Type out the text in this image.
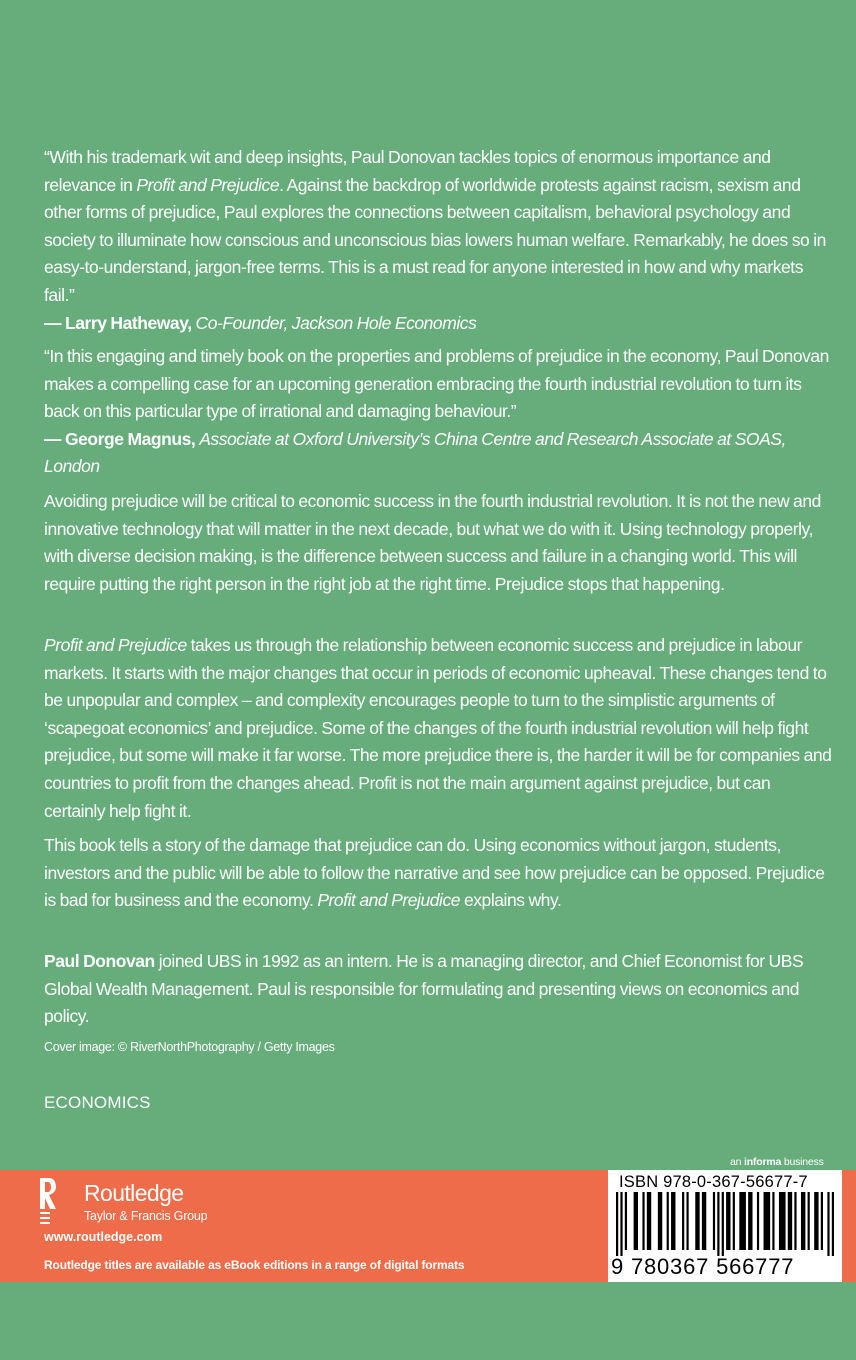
“With his trademark wit and deep insights, Paul Donovan tackles topics of enormous importance and relevance in Profit and Prejudice. Against the backdrop of worldwide protests against racism, sexism and other forms of prejudice, Paul explores the connections between capitalism, behavioral psychology and society to illuminate how conscious and unconscious bias lowers human welfare. Remarkably, he does so in easy-to-understand, jargon-free terms. This is a must read for anyone interested in how and why markets fail.”
— Larry Hatheway, Co-Founder, Jackson Hole Economics
“In this engaging and timely book on the properties and problems of prejudice in the economy, Paul Donovan makes a compelling case for an upcoming generation embracing the fourth industrial revolution to turn its back on this particular type of irrational and damaging behaviour.”
— George Magnus, Associate at Oxford University’s China Centre and Research Associate at SOAS, London
Avoiding prejudice will be critical to economic success in the fourth industrial revolution. It is not the new and innovative technology that will matter in the next decade, but what we do with it. Using technology properly, with diverse decision making, is the difference between success and failure in a changing world. This will require putting the right person in the right job at the right time. Prejudice stops that happening.
Profit and Prejudice takes us through the relationship between economic success and prejudice in labour markets. It starts with the major changes that occur in periods of economic upheaval. These changes tend to be unpopular and complex – and complexity encourages people to turn to the simplistic arguments of ‘scapegoat economics’ and prejudice. Some of the changes of the fourth industrial revolution will help fight prejudice, but some will make it far worse. The more prejudice there is, the harder it will be for companies and countries to profit from the changes ahead. Profit is not the main argument against prejudice, but can certainly help fight it.
This book tells a story of the damage that prejudice can do. Using economics without jargon, students, investors and the public will be able to follow the narrative and see how prejudice can be opposed. Prejudice is bad for business and the economy. Profit and Prejudice explains why.
Paul Donovan joined UBS in 1992 as an intern. He is a managing director, and Chief Economist for UBS Global Wealth Management. Paul is responsible for formulating and presenting views on economics and policy.
Cover image: © RiverNorthPhotography / Getty Images
ECONOMICS
an informa business
Routledge
Taylor & Francis Group
www.routledge.com
Routledge titles are available as eBook editions in a range of digital formats
ISBN 978-0-367-56677-7
9 780367 566777
